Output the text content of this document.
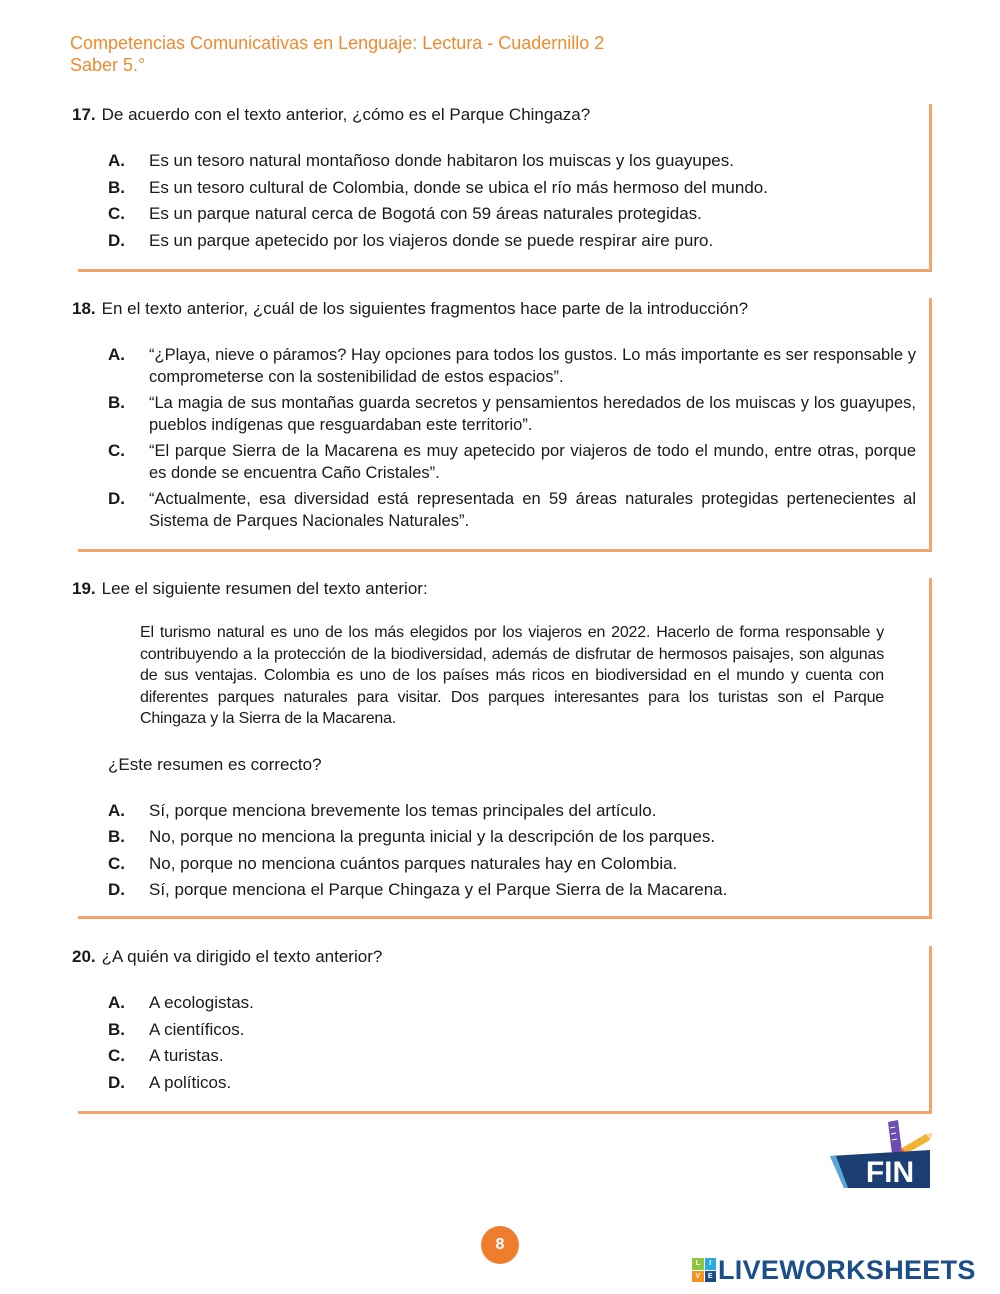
Competencias Comunicativas en Lenguaje: Lectura - Cuadernillo 2
Saber 5.°
17. De acuerdo con el texto anterior, ¿cómo es el Parque Chingaza?
A.	Es un tesoro natural montañoso donde habitaron los muiscas y los guayupes.
B.	Es un tesoro cultural de Colombia, donde se ubica el río más hermoso del mundo.
C.	Es un parque natural cerca de Bogotá con 59 áreas naturales protegidas.
D.	Es un parque apetecido por los viajeros donde se puede respirar aire puro.
18. En el texto anterior, ¿cuál de los siguientes fragmentos hace parte de la introducción?
A.	“¿Playa, nieve o páramos? Hay opciones para todos los gustos. Lo más importante es ser responsable y comprometerse con la sostenibilidad de estos espacios”.
B.	“La magia de sus montañas guarda secretos y pensamientos heredados de los muiscas y los guayupes, pueblos indígenas que resguardaban este territorio”.
C.	“El parque Sierra de la Macarena es muy apetecido por viajeros de todo el mundo, entre otras, porque es donde se encuentra Caño Cristales”.
D.	“Actualmente, esa diversidad está representada en 59 áreas naturales protegidas pertenecientes al Sistema de Parques Nacionales Naturales”.
19. Lee el siguiente resumen del texto anterior:

El turismo natural es uno de los más elegidos por los viajeros en 2022. Hacerlo de forma responsable y contribuyendo a la protección de la biodiversidad, además de disfrutar de hermosos paisajes, son algunas de sus ventajas. Colombia es uno de los países más ricos en biodiversidad en el mundo y cuenta con diferentes parques naturales para visitar. Dos parques interesantes para los turistas son el Parque Chingaza y la Sierra de la Macarena.

¿Este resumen es correcto?
A.	Sí, porque menciona brevemente los temas principales del artículo.
B.	No, porque no menciona la pregunta inicial y la descripción de los parques.
C.	No, porque no menciona cuántos parques naturales hay en Colombia.
D.	Sí, porque menciona el Parque Chingaza y el Parque Sierra de la Macarena.
20. ¿A quién va dirigido el texto anterior?
A.	A ecologistas.
B.	A científicos.
C.	A turistas.
D.	A políticos.
FIN
8
L	I
V	E LIVEWORKSHEETS
